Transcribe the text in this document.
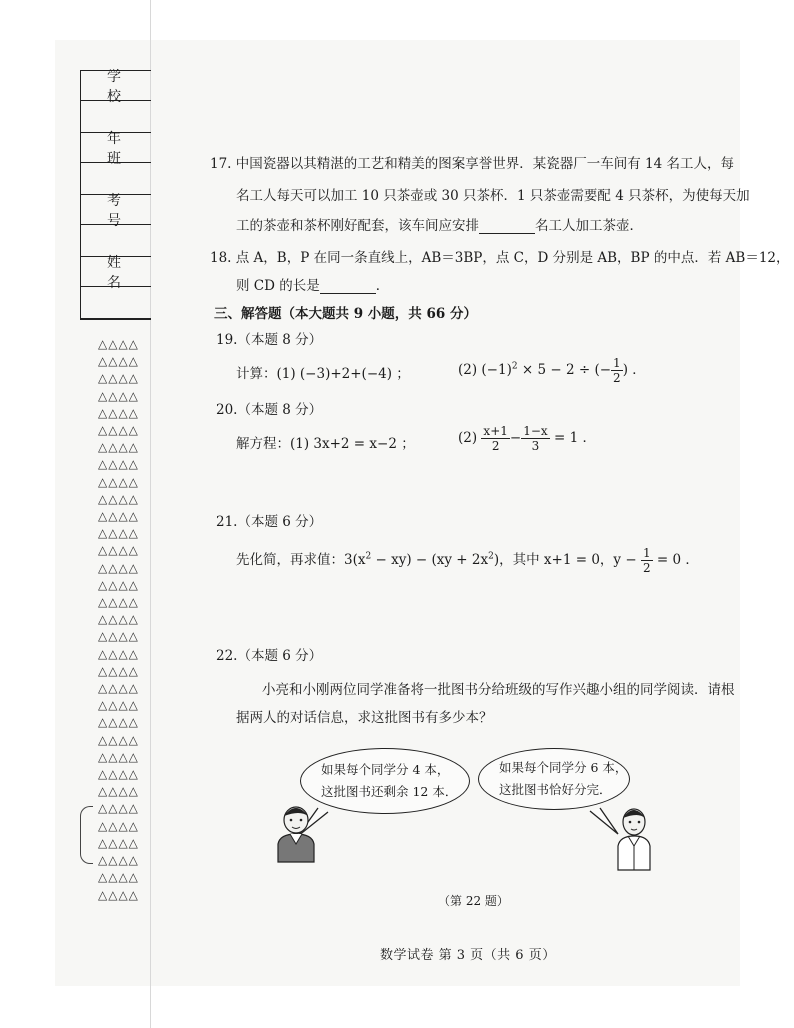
学 校
年 班
考 号
姓 名
△△△△
△△△△
△△△△
△△△△
△△△△
△△△△
△△△△
△△△△
△△△△
△△△△
△△△△
△△△△
△△△△
△△△△
△△△△
△△△△
△△△△
△△△△
△△△△
△△△△
△△△△
△△△△
△△△△
△△△△
△△△△
△△△△
△△△△
△△△△
△△△△
△△△△
△△△△
△△△△
△△△△

17. 中国瓷器以其精湛的工艺和精美的图案享誉世界．某瓷器厂一车间有 14 名工人，每
名工人每天可以加工 10 只茶壶或 30 只茶杯．1 只茶壶需要配 4 只茶杯，为使每天加
工的茶壶和茶杯刚好配套，该车间应安排	名工人加工茶壶．
18. 点 A，B，P 在同一条直线上，AB＝3BP，点 C，D 分别是 AB，BP 的中点．若 AB＝12，
则 CD 的长是	．
三、解答题（本大题共 9 小题，共 66 分）
19.（本题 8 分）
计算：(1) (−3)+2+(−4) ；	(2) $(-1)^2 \times 5 - 2$ ÷ (− $\frac{1}{2}$ ) ．
20.（本题 8 分）
解方程：(1) 3x+2 = x−2 ；	$(2) \frac{x+1}{2} - \frac{1-x}{3} = 1$ ．
21.（本题 6 分）
先化简，再求值：$3(x^2 - xy) - (xy + 2x^2)$，其中 x+1 = 0，$y - \frac{1}{2} = 0$ ．
22.（本题 6 分）
小亮和小刚两位同学准备将一批图书分给班级的写作兴趣小组的同学阅读．请根
据两人的对话信息，求这批图书有多少本？
如果每个同学分 4 本，
这批图书还剩余 12 本．
如果每个同学分 6 本，
这批图书恰好分完．
（第 22 题）
数学试卷 第 3 页（共 6 页）
